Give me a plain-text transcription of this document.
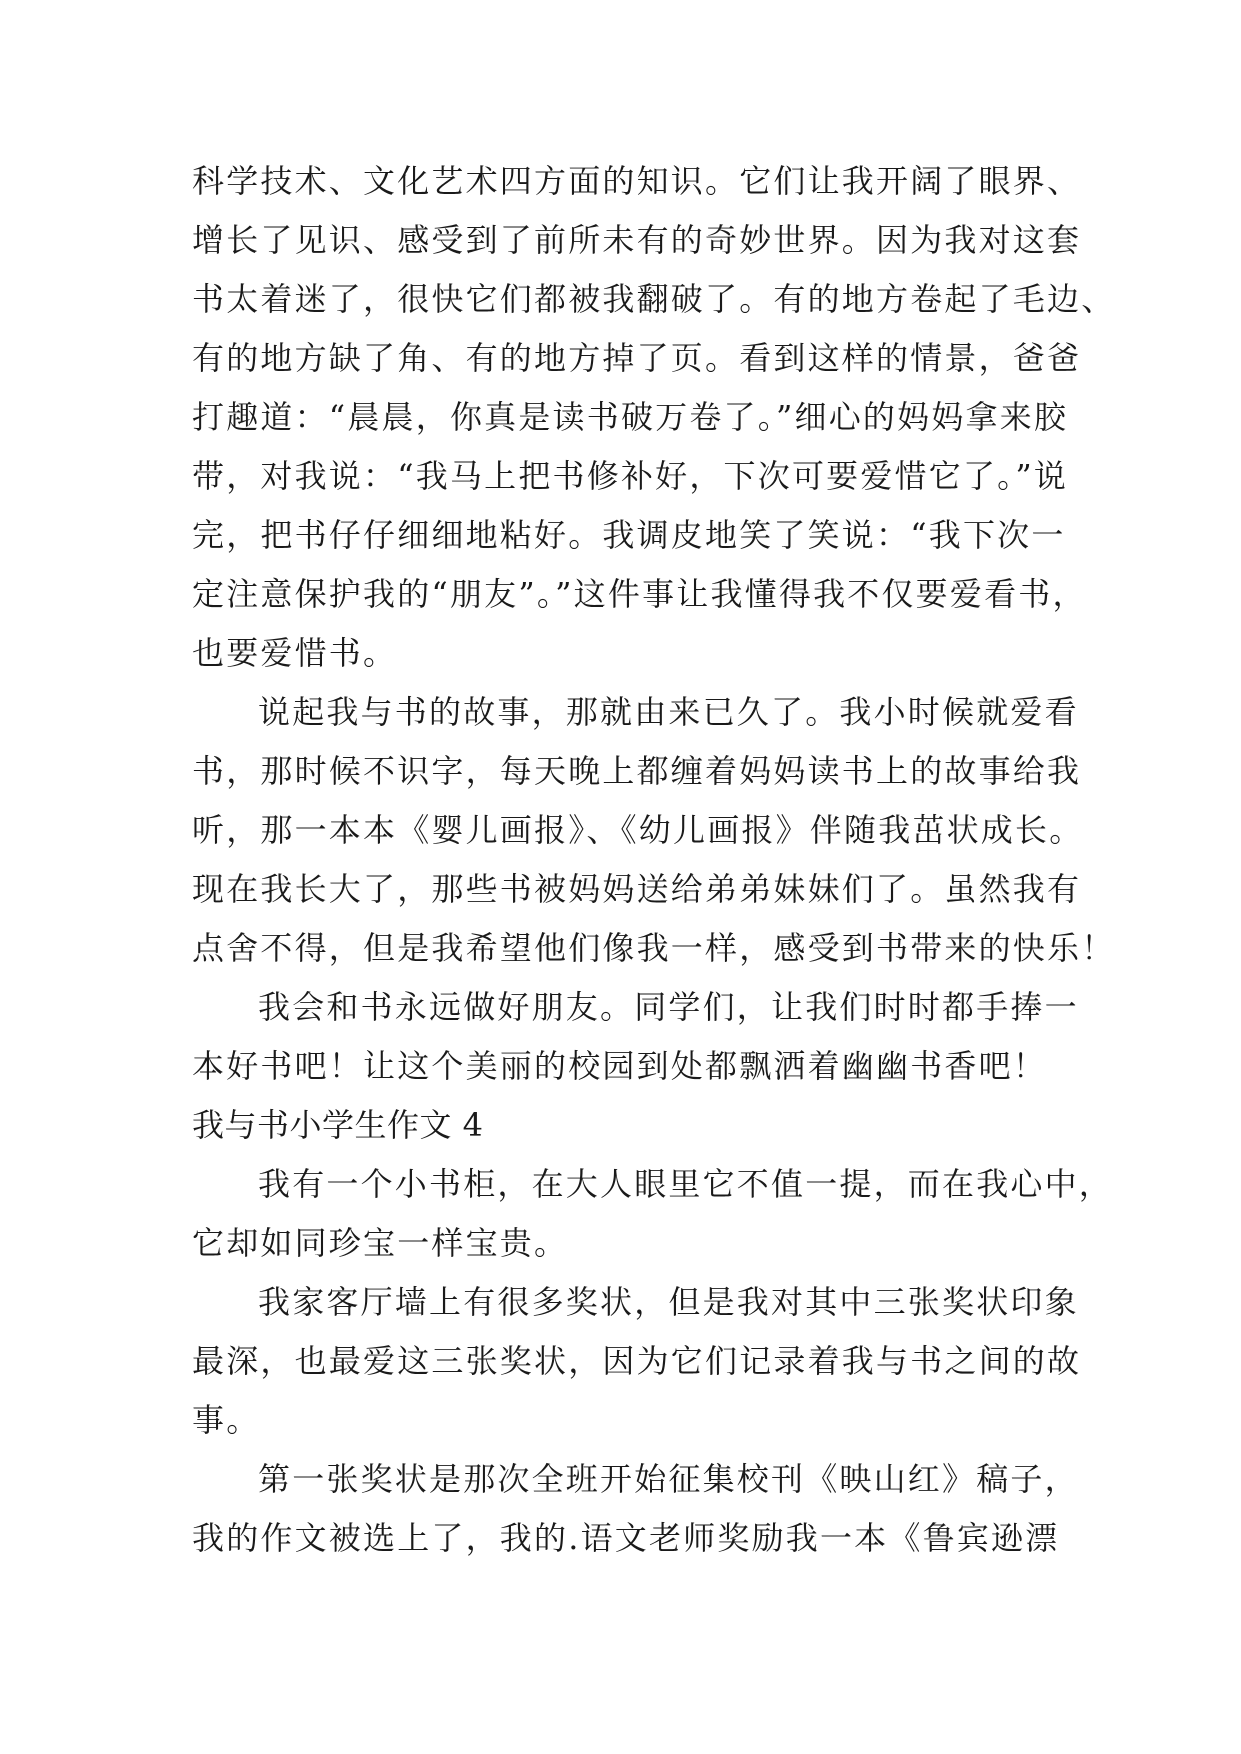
科学技术、文化艺术四方面的知识。它们让我开阔了眼界、
增长了见识、感受到了前所未有的奇妙世界。因为我对这套
书太着迷了，很快它们都被我翻破了。有的地方卷起了毛边、
有的地方缺了角、有的地方掉了页。看到这样的情景，爸爸
打趣道：“晨晨，你真是读书破万卷了。”细心的妈妈拿来胶
带，对我说：“我马上把书修补好，下次可要爱惜它了。”说
完，把书仔仔细细地粘好。我调皮地笑了笑说：“我下次一
定注意保护我的“朋友”。”这件事让我懂得我不仅要爱看书，
也要爱惜书。
说起我与书的故事，那就由来已久了。我小时候就爱看
书，那时候不识字，每天晚上都缠着妈妈读书上的故事给我
听，那一本本《婴儿画报》、《幼儿画报》伴随我茁状成长。
现在我长大了，那些书被妈妈送给弟弟妹妹们了。虽然我有
点舍不得，但是我希望他们像我一样，感受到书带来的快乐！
我会和书永远做好朋友。同学们，让我们时时都手捧一
本好书吧！让这个美丽的校园到处都飘洒着幽幽书香吧！
我与书小学生作文 4
我有一个小书柜，在大人眼里它不值一提，而在我心中，
它却如同珍宝一样宝贵。
我家客厅墙上有很多奖状，但是我对其中三张奖状印象
最深，也最爱这三张奖状，因为它们记录着我与书之间的故
事。
第一张奖状是那次全班开始征集校刊《映山红》稿子，
我的作文被选上了，我的.语文老师奖励我一本《鲁宾逊漂
